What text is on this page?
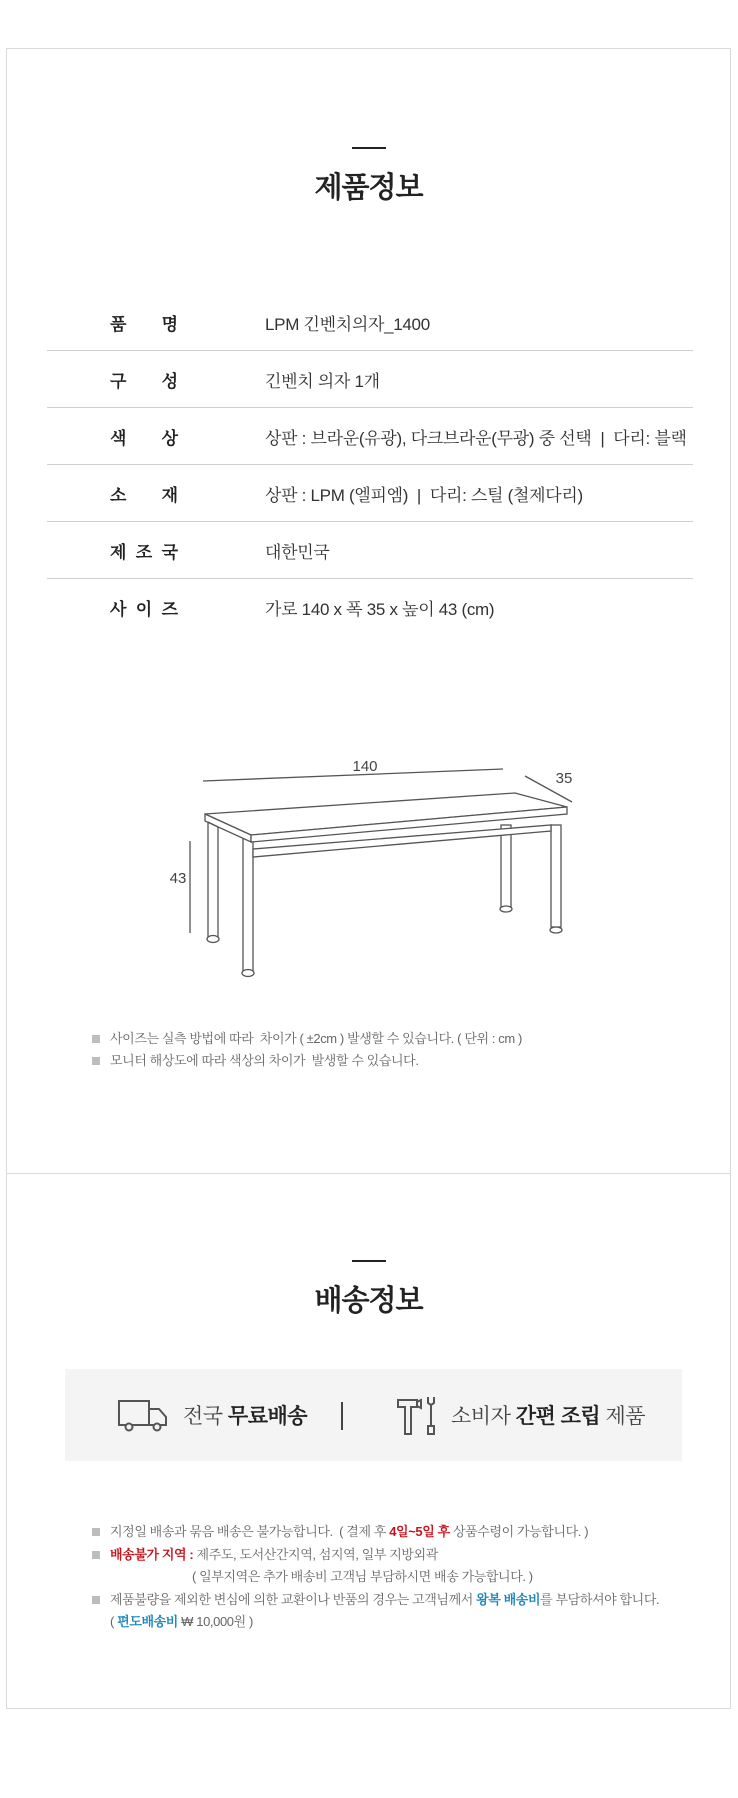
제품정보
품 명	LPM 긴벤치의자_1400

구 성	긴벤치 의자 1개

색 상	상판 : 브라운(유광), 다크브라운(무광) 중 선택  |  다리: 블랙

소 재	상판 : LPM (엘피엠)  |  다리: 스틸 (철제다리)

제 조 국	대한민국

사 이 즈	가로 140 x 폭 35 x 높이 43 (cm)
140
35
43
사이즈는 실측 방법에 따라  차이가 ( ±2cm ) 발생할 수 있습니다. ( 단위 : cm )
모니터 해상도에 따라 색상의 차이가  발생할 수 있습니다.
배송정보
전국 무료배송	소비자 간편 조립 제품
지정일 배송과 묶음 배송은 불가능합니다.  ( 결제 후 4일~5일 후 상품수령이 가능합니다. )
배송불가 지역 : 제주도, 도서산간지역, 섬지역, 일부 지방외곽
( 일부지역은 추가 배송비 고객님 부담하시면 배송 가능합니다. )
제품불량을 제외한 변심에 의한 교환이나 반품의 경우는 고객님께서 왕복 배송비를 부담하셔야 합니다.
( 편도배송비 ₩ 10,000원 )
